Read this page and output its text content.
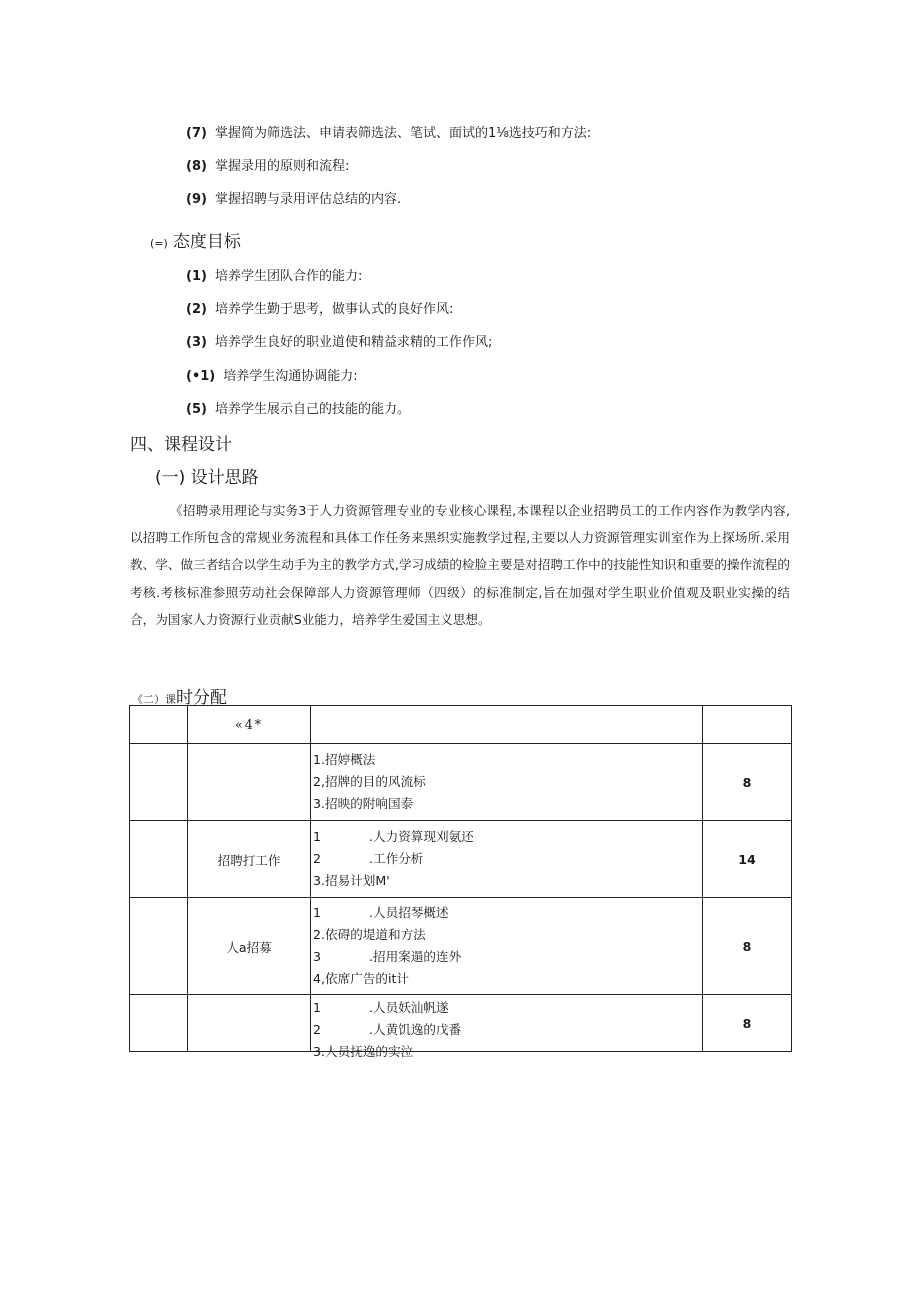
(7) 掌握简为筛选法、申请表筛选法、笔试、面试的1⅛选技巧和方法:
(8) 掌握录用的原则和流程:
(9) 掌握招聘与录用评估总结的内容.
(=) 态度目标
(1) 培养学生团队合作的能力:
(2) 培养学生勤于思考，做事认式的良好作风:
(3) 培养学生良好的职业道使和精益求精的工作作风;
(•1) 培养学生沟通协调能力:
(5) 培养学生展示自己的技能的能力。
四、课程设计
(一) 设计思路
《招聘录用理论与实务3于人力资源管理专业的专业核心课程,本课程以企业招聘员工的工作内容作为教学内容,以招聘工作所包含的常规业务流程和具体工作任务来黑织实施教学过程,主要以人力资源管理实训室作为上探场所.采用教、学、做三者结合以学生动手为主的教学方式,学习成绩的检脸主要是对招聘工作中的技能性知识和重要的操作流程的考核.考核标准参照劳动社会保障部人力资源管理师（四级）的标准制定,旨在加强对学生职业价值观及职业实操的结合，为国家人力资源行业贡献S业能力，培养学生爱国主义思想。
《二）课时分配
	«4*		

		1.招婷概法
2,招牌的目的风流标
3.招映的附响国泰	8
	招聘打工作	1 .人力资算现刈氨还
2 .工作分析
3.招易计划M'	14
	人a招募	1 .人员招琴概述
2.依碍的堤道和方法
3 .招用案遢的连外
4,依席广告的it计	8

		1 .人员妖汕帆遂
2 .人黄饥逸的戊番
3.人员抚逸的实泣	8
